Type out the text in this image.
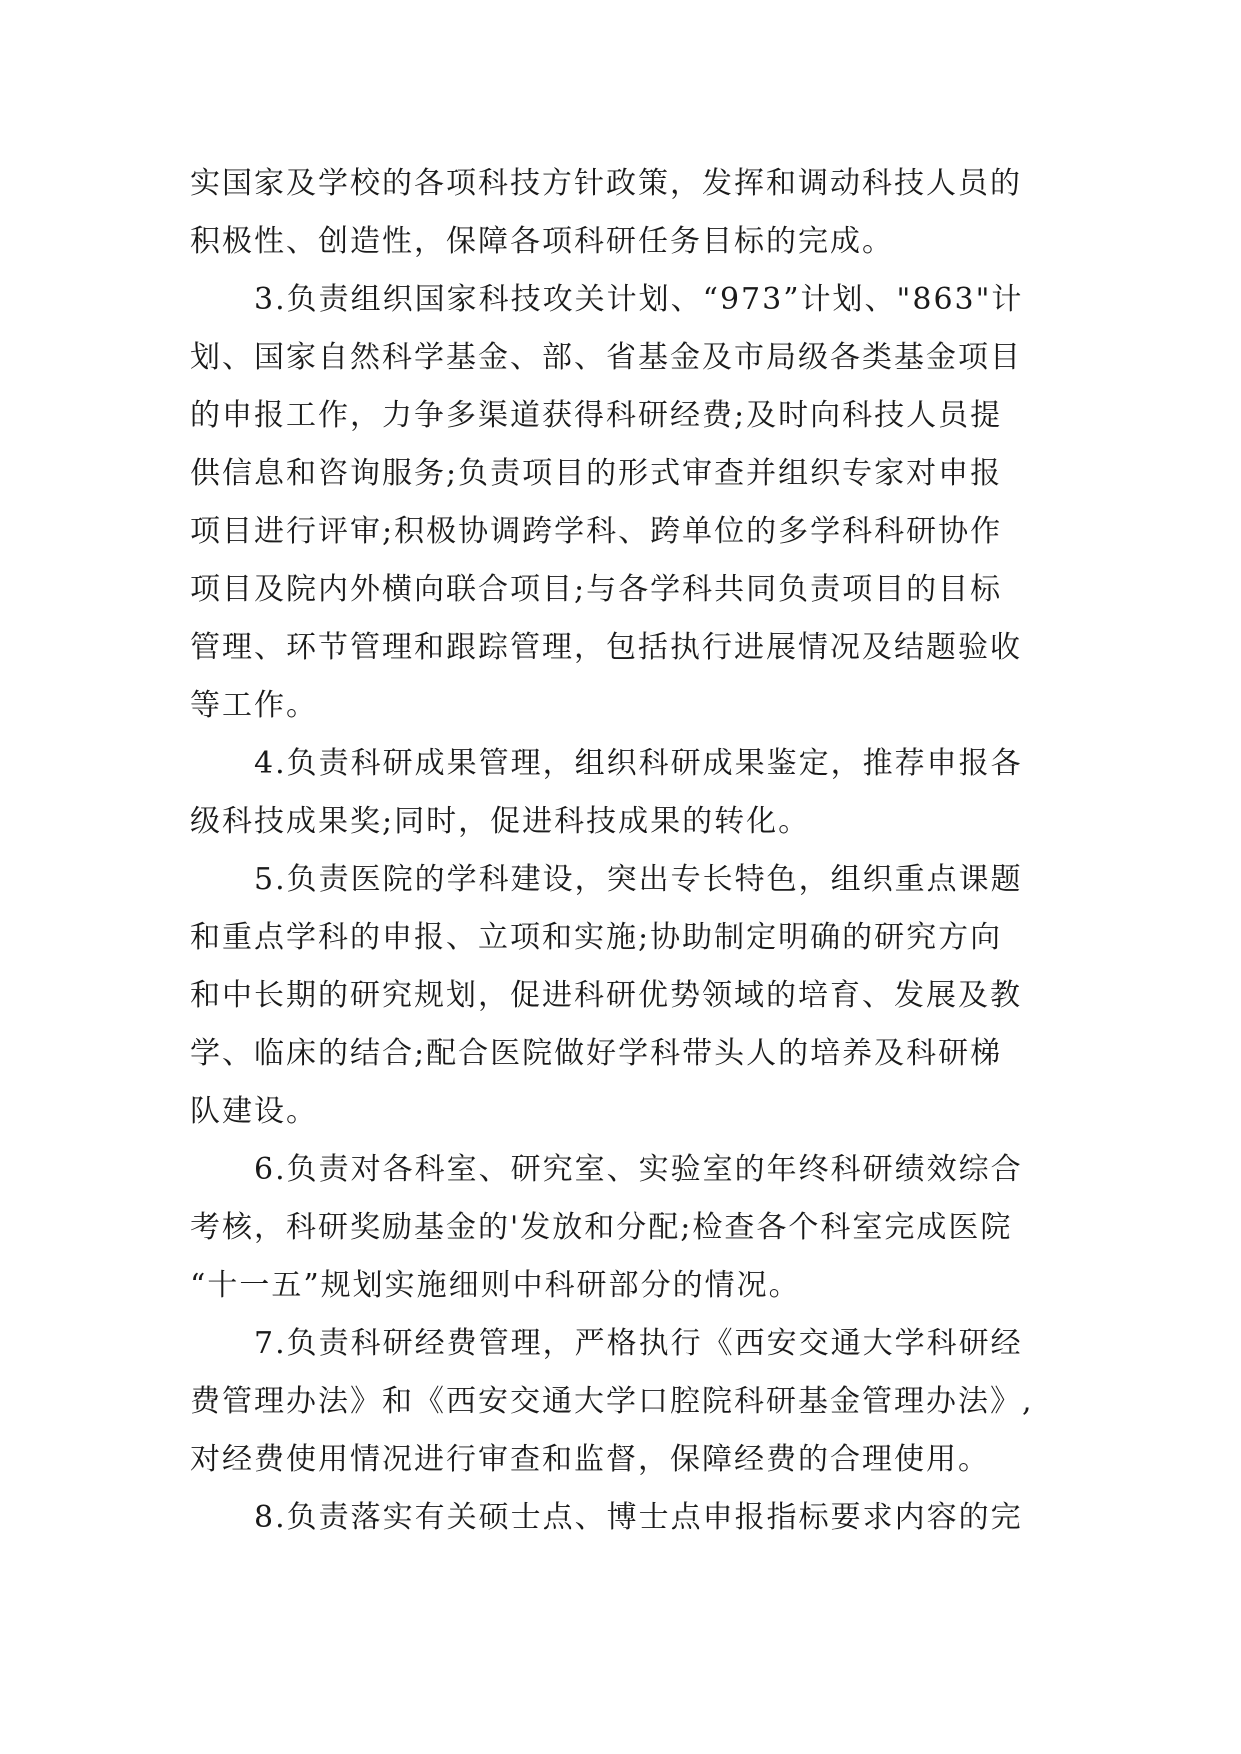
实国家及学校的各项科技方针政策，发挥和调动科技人员的
积极性、创造性，保障各项科研任务目标的完成。
3.负责组织国家科技攻关计划、“973”计划、"863"计
划、国家自然科学基金、部、省基金及市局级各类基金项目
的申报工作，力争多渠道获得科研经费;及时向科技人员提
供信息和咨询服务;负责项目的形式审查并组织专家对申报
项目进行评审;积极协调跨学科、跨单位的多学科科研协作
项目及院内外横向联合项目;与各学科共同负责项目的目标
管理、环节管理和跟踪管理，包括执行进展情况及结题验收
等工作。
4.负责科研成果管理，组织科研成果鉴定，推荐申报各
级科技成果奖;同时，促进科技成果的转化。
5.负责医院的学科建设，突出专长特色，组织重点课题
和重点学科的申报、立项和实施;协助制定明确的研究方向
和中长期的研究规划，促进科研优势领域的培育、发展及教
学、临床的结合;配合医院做好学科带头人的培养及科研梯
队建设。
6.负责对各科室、研究室、实验室的年终科研绩效综合
考核，科研奖励基金的'发放和分配;检查各个科室完成医院
“十一五”规划实施细则中科研部分的情况。
7.负责科研经费管理，严格执行《西安交通大学科研经
费管理办法》和《西安交通大学口腔院科研基金管理办法》,
对经费使用情况进行审查和监督，保障经费的合理使用。
8.负责落实有关硕士点、博士点申报指标要求内容的完
